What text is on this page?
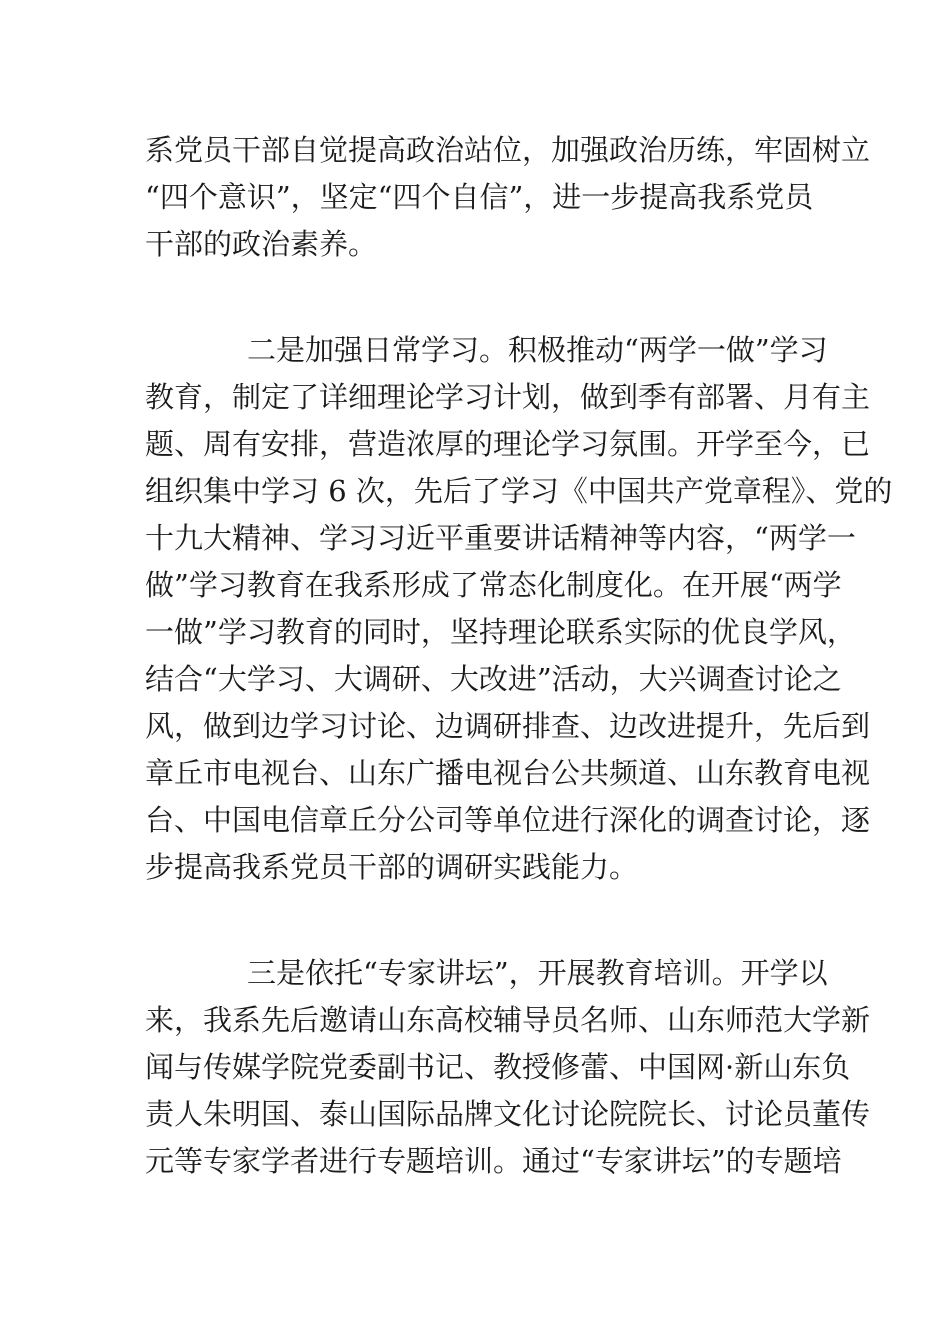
系党员干部自觉提高政治站位，加强政治历练，牢固树立

“四个意识”，坚定“四个自信”，进一步提高我系党员

干部的政治素养。

二是加强日常学习。积极推动“两学一做”学习

教育，制定了详细理论学习计划，做到季有部署、月有主

题、周有安排，营造浓厚的理论学习氛围。开学至今，已

组织集中学习 6 次，先后了学习《中国共产党章程》、党的

十九大精神、学习习近平重要讲话精神等内容，“两学一

做”学习教育在我系形成了常态化制度化。在开展“两学

一做”学习教育的同时，坚持理论联系实际的优良学风，

结合“大学习、大调研、大改进”活动，大兴调查讨论之

风，做到边学习讨论、边调研排查、边改进提升，先后到

章丘市电视台、山东广播电视台公共频道、山东教育电视

台、中国电信章丘分公司等单位进行深化的调查讨论，逐

步提高我系党员干部的调研实践能力。

三是依托“专家讲坛”，开展教育培训。开学以

来，我系先后邀请山东高校辅导员名师、山东师范大学新

闻与传媒学院党委副书记、教授修蕾、中国网·新山东负

责人朱明国、泰山国际品牌文化讨论院院长、讨论员董传

元等专家学者进行专题培训。通过“专家讲坛”的专题培
